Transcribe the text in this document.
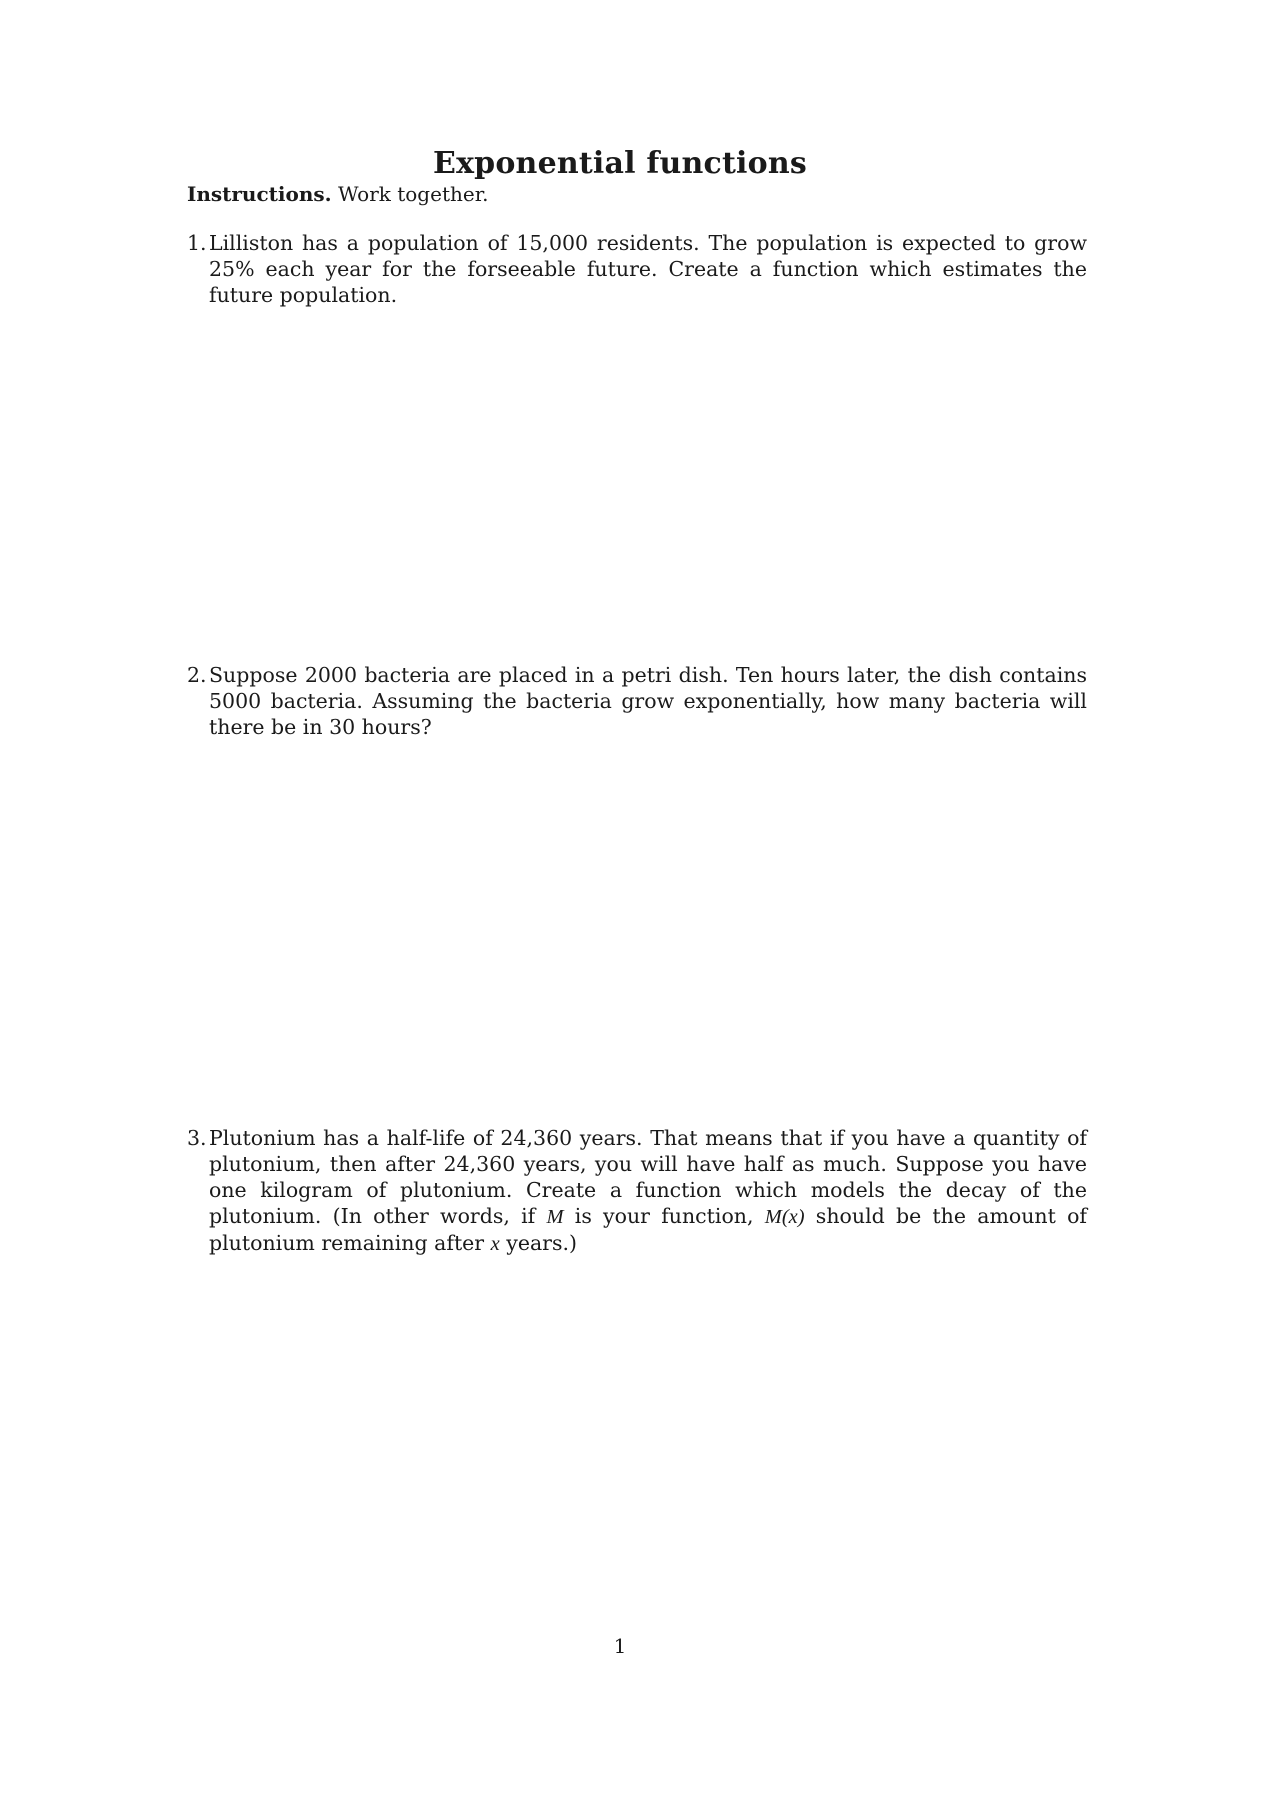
Exponential functions

Instructions. Work together.

1. Lilliston has a population of 15,000 residents. The population is expected to grow 25% each year for the forseeable future. Create a function which estimates the future population.
2. Suppose 2000 bacteria are placed in a petri dish. Ten hours later, the dish contains 5000 bacteria. Assuming the bacteria grow exponentially, how many bacteria will there be in 30 hours?
3. Plutonium has a half-life of 24,360 years. That means that if you have a quantity of plutonium, then after 24,360 years, you will have half as much. Suppose you have one kilogram of plutonium. Create a function which models the decay of the plutonium. (In other words, if M is your function, M(x) should be the amount of plutonium remaining after x years.)
1
